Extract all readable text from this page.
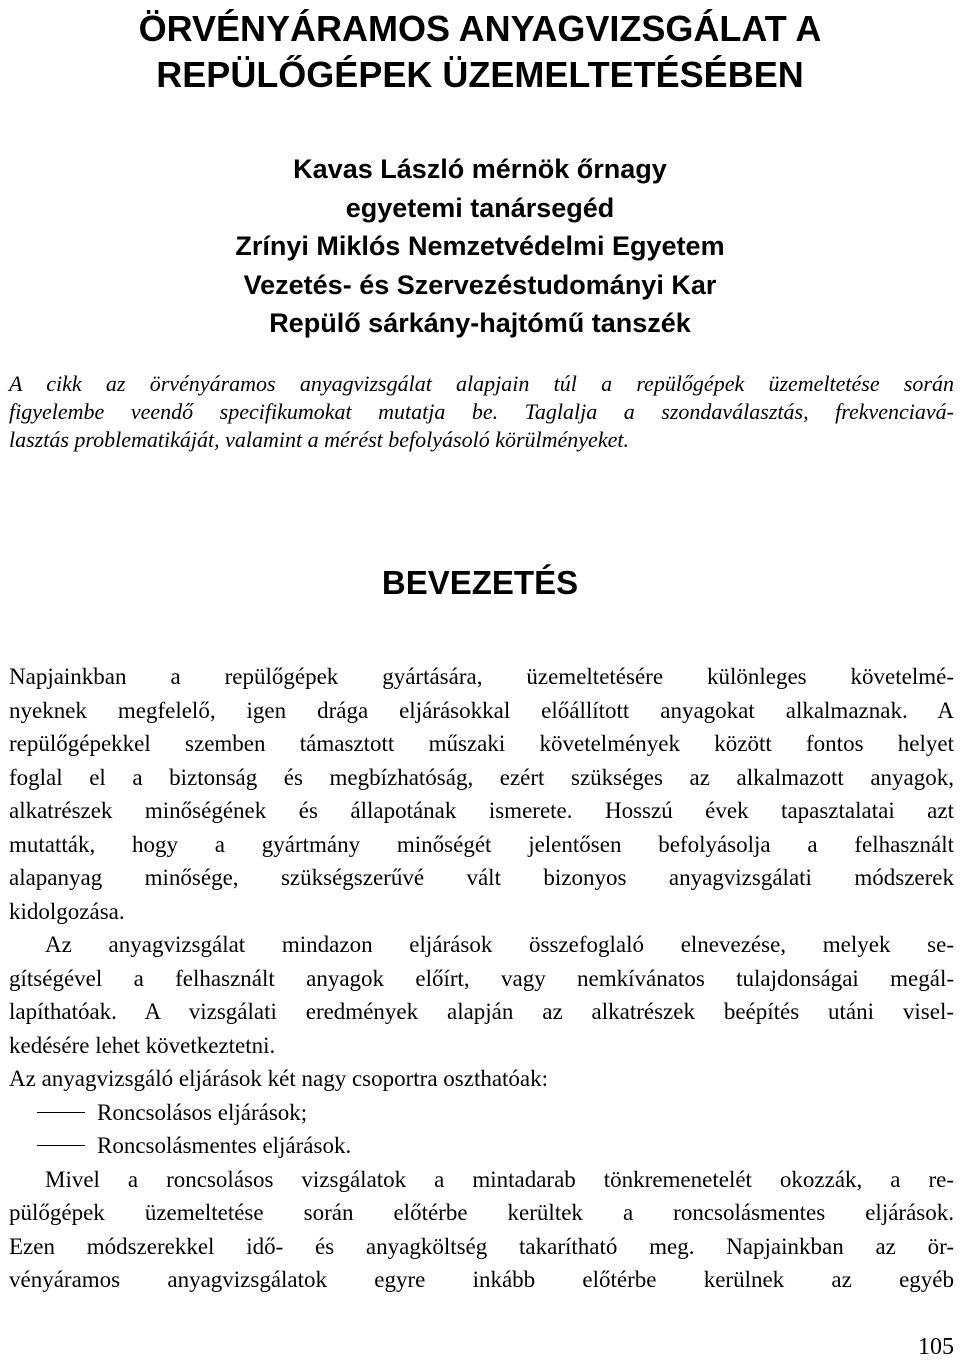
ÖRVÉNYÁRAMOS ANYAGVIZSGÁLAT A
REPÜLŐGÉPEK ÜZEMELTETÉSÉBEN
Kavas László mérnök őrnagy
egyetemi tanársegéd
Zrínyi Miklós Nemzetvédelmi Egyetem
Vezetés- és Szervezéstudományi Kar
Repülő sárkány-hajtómű tanszék
A cikk az örvényáramos anyagvizsgálat alapjain túl a repülőgépek üzemeltetése során
figyelembe veendő specifikumokat mutatja be. Taglalja a szondaválasztás, frekvenciavá-
lasztás problematikáját, valamint a mérést befolyásoló körülményeket.
BEVEZETÉS
Napjainkban a repülőgépek gyártására, üzemeltetésére különleges követelmé-
nyeknek megfelelő, igen drága eljárásokkal előállított anyagokat alkalmaznak. A
repülőgépekkel szemben támasztott műszaki követelmények között fontos helyet
foglal el a biztonság és megbízhatóság, ezért szükséges az alkalmazott anyagok,
alkatrészek minőségének és állapotának ismerete. Hosszú évek tapasztalatai azt
mutatták, hogy a gyártmány minőségét jelentősen befolyásolja a felhasznált
alapanyag minősége, szükségszerűvé vált bizonyos anyagvizsgálati módszerek
kidolgozása.
Az anyagvizsgálat mindazon eljárások összefoglaló elnevezése, melyek se-
gítségével a felhasznált anyagok előírt, vagy nemkívánatos tulajdonságai megál-
lapíthatóak. A vizsgálati eredmények alapján az alkatrészek beépítés utáni visel-
kedésére lehet következtetni.
Az anyagvizsgáló eljárások két nagy csoportra oszthatóak:
Roncsolásos eljárások;
Roncsolásmentes eljárások.
Mivel a roncsolásos vizsgálatok a mintadarab tönkremenetelét okozzák, a re-
pülőgépek üzemeltetése során előtérbe kerültek a roncsolásmentes eljárások.
Ezen módszerekkel idő- és anyagköltség takarítható meg. Napjainkban az ör-
vényáramos anyagvizsgálatok egyre inkább előtérbe kerülnek az egyéb
105
